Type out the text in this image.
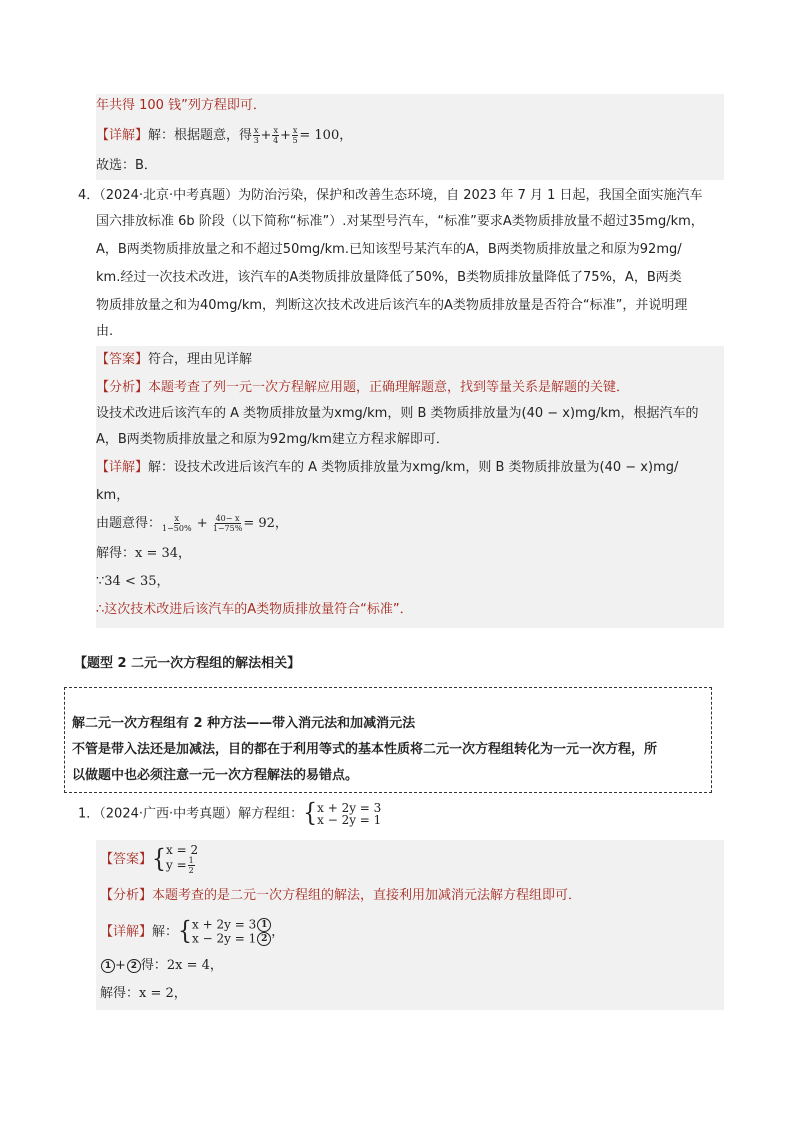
年共得 100 钱”列方程即可．
【详解】解：根据题意，得 $\frac{x}{3} + \frac{x}{4} + \frac{x}{5} = 100$，
故选：B．
4．（2024·北京·中考真题）为防治污染，保护和改善生态环境，自 2023 年 7 月 1 日起，我国全面实施汽车
国六排放标准 6b 阶段（以下简称“标准”）.对某型号汽车，“标准”要求A类物质排放量不超过35mg/km，
A，B两类物质排放量之和不超过50mg/km.已知该型号某汽车的A，B两类物质排放量之和原为92mg/
km.经过一次技术改进，该汽车的A类物质排放量降低了50%，B类物质排放量降低了75%，A，B两类
物质排放量之和为40mg/km，判断这次技术改进后该汽车的A类物质排放量是否符合“标准”，并说明理
由.
【答案】符合，理由见详解
【分析】本题考查了列一元一次方程解应用题，正确理解题意，找到等量关系是解题的关键．
设技术改进后该汽车的 A 类物质排放量为xmg/km，则 B 类物质排放量为(40 − x)mg/km，根据汽车的
A，B两类物质排放量之和原为92mg/km建立方程求解即可．
【详解】解：设技术改进后该汽车的 A 类物质排放量为xmg/km，则 B 类物质排放量为(40 − x)mg/
km，
由题意得： $\frac{x}{1-50\%} + \frac{40- x}{1-75\%} = 92$，
解得：x = 34，
∵34 < 35，
∴这次技术改进后该汽车的A类物质排放量符合“标准”．
【题型 2 二元一次方程组的解法相关】
解二元一次方程组有 2 种方法——带入消元法和加减消元法
不管是带入法还是加减法，目的都在于利用等式的基本性质将二元一次方程组转化为一元一次方程，所
以做题中也必须注意一元一次方程解法的易错点。
1．（2024·广西·中考真题）解方程组：{ x + 2y = 3
x − 2y = 1
【答案】{ x = 2
$y = \frac{1}{2}$
【分析】本题考查的是二元一次方程组的解法，直接利用加减消元法解方程组即可．
【详解】解：{ x + 2y = 3 1
x − 2y = 1 2 ，
1 + 2 得：2x = 4，
解得：x = 2，
